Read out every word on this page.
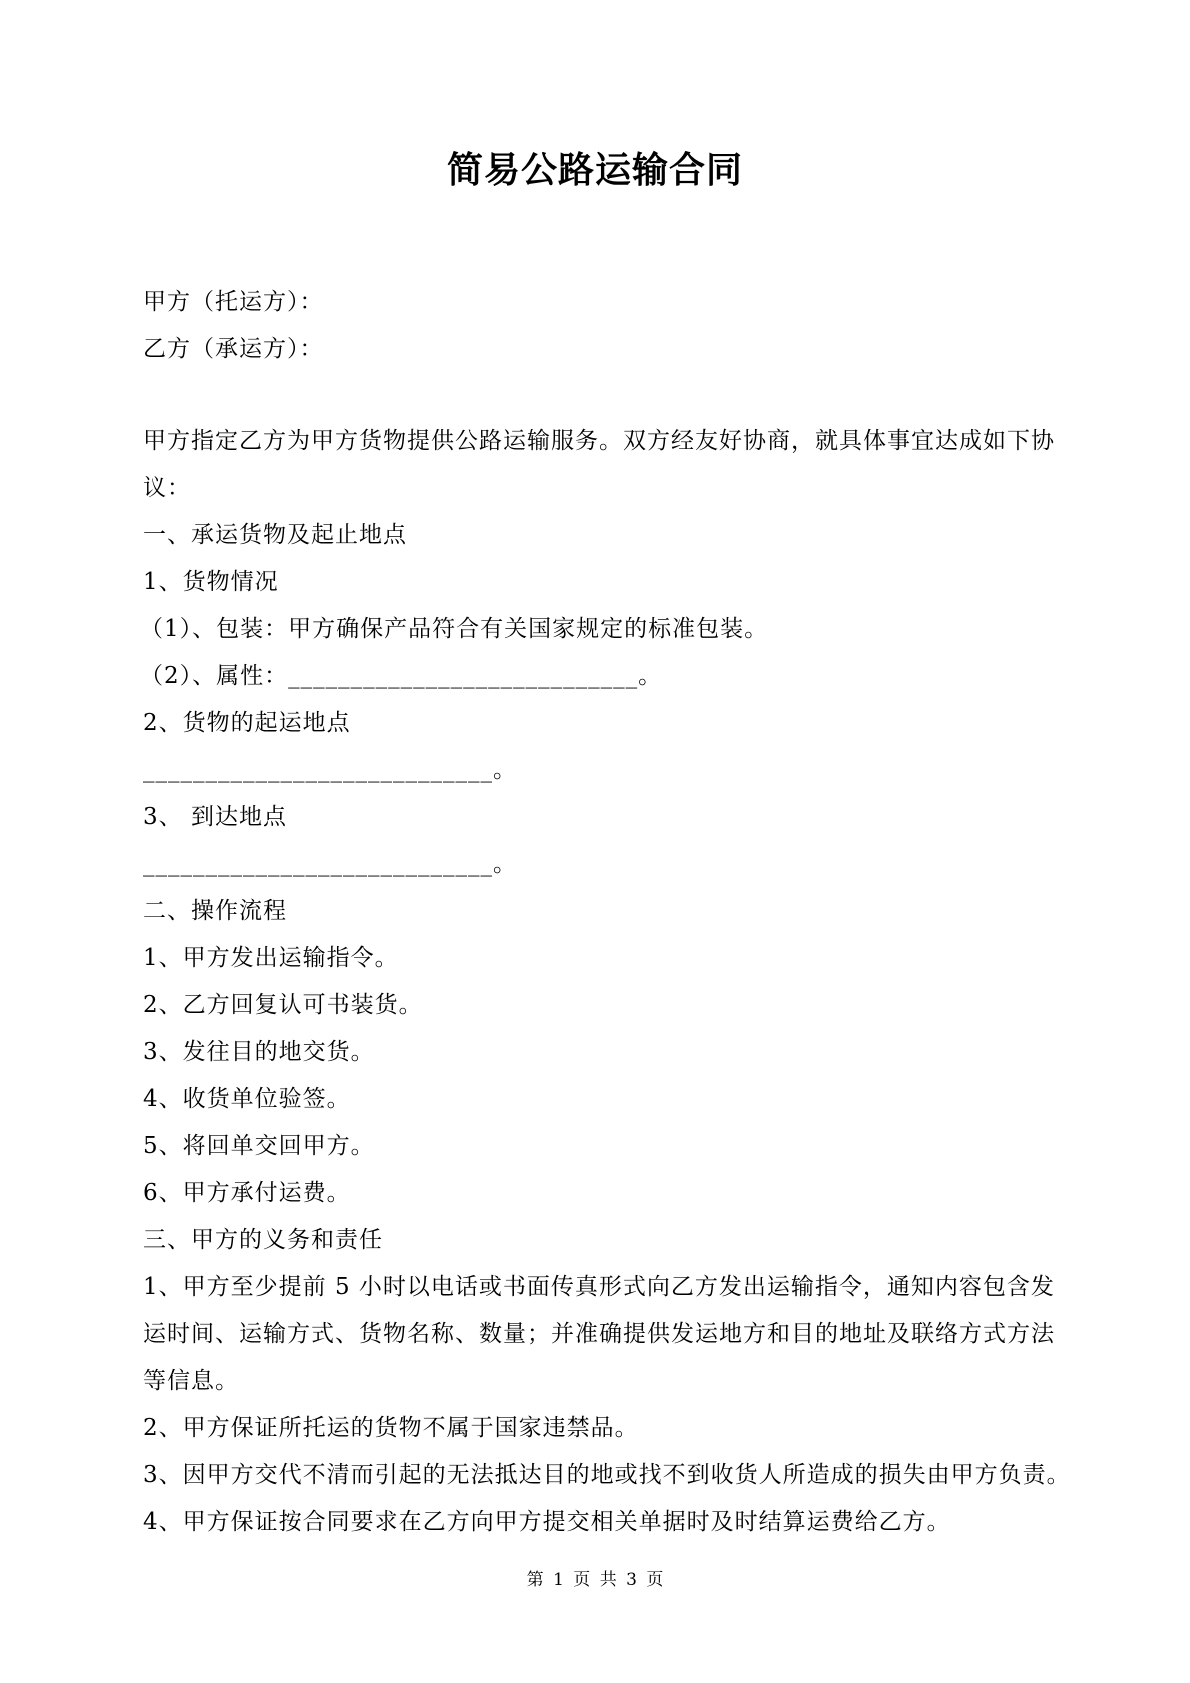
简易公路运输合同
甲方（托运方）：
乙方（承运方）：
甲方指定乙方为甲方货物提供公路运输服务。双方经友好协商，就具体事宜达成如下协
议：
一、承运货物及起止地点
1、货物情况
（1）、包装：甲方确保产品符合有关国家规定的标准包装。
（2）、属性：____________________________。
2、货物的起运地点
____________________________。
3、 到达地点
____________________________。
二、操作流程
1、甲方发出运输指令。
2、乙方回复认可书装货。
3、发往目的地交货。
4、收货单位验签。
5、将回单交回甲方。
6、甲方承付运费。
三、甲方的义务和责任
1、甲方至少提前 5 小时以电话或书面传真形式向乙方发出运输指令，通知内容包含发
运时间、运输方式、货物名称、数量；并准确提供发运地方和目的地址及联络方式方法
等信息。
2、甲方保证所托运的货物不属于国家违禁品。
3、因甲方交代不清而引起的无法抵达目的地或找不到收货人所造成的损失由甲方负责。
4、甲方保证按合同要求在乙方向甲方提交相关单据时及时结算运费给乙方。
第 1 页 共 3 页
